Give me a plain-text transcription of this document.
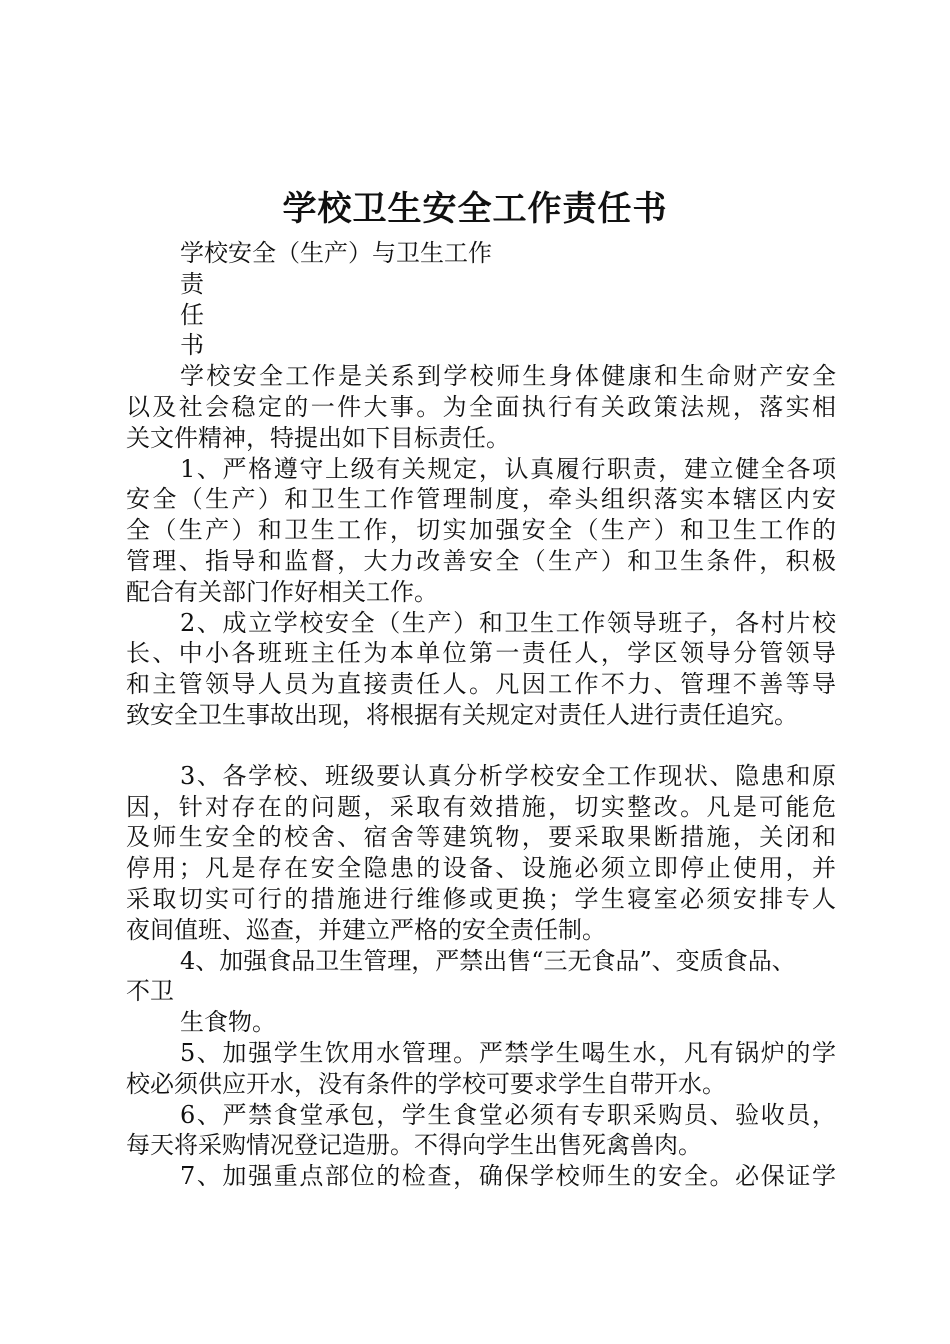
学校卫生安全工作责任书
学校安全（生产）与卫生工作
责
任
书
学校安全工作是关系到学校师生身体健康和生命财产安全
以及社会稳定的一件大事。为全面执行有关政策法规，落实相
关文件精神，特提出如下目标责任。
1、严格遵守上级有关规定，认真履行职责，建立健全各项
安全（生产）和卫生工作管理制度，牵头组织落实本辖区内安
全（生产）和卫生工作，切实加强安全（生产）和卫生工作的
管理、指导和监督，大力改善安全（生产）和卫生条件，积极
配合有关部门作好相关工作。
2、成立学校安全（生产）和卫生工作领导班子，各村片校
长、中小各班班主任为本单位第一责任人，学区领导分管领导
和主管领导人员为直接责任人。凡因工作不力、管理不善等导
致安全卫生事故出现，将根据有关规定对责任人进行责任追究。
3、各学校、班级要认真分析学校安全工作现状、隐患和原
因，针对存在的问题，采取有效措施，切实整改。凡是可能危
及师生安全的校舍、宿舍等建筑物，要采取果断措施，关闭和
停用；凡是存在安全隐患的设备、设施必须立即停止使用，并
采取切实可行的措施进行维修或更换；学生寝室必须安排专人
夜间值班、巡查，并建立严格的安全责任制。
4、加强食品卫生管理，严禁出售“三无食品”、变质食品、
不卫
生食物。
5、加强学生饮用水管理。严禁学生喝生水，凡有锅炉的学
校必须供应开水，没有条件的学校可要求学生自带开水。
6、严禁食堂承包，学生食堂必须有专职采购员、验收员，
每天将采购情况登记造册。不得向学生出售死禽兽肉。
7、加强重点部位的检查，确保学校师生的安全。必保证学
